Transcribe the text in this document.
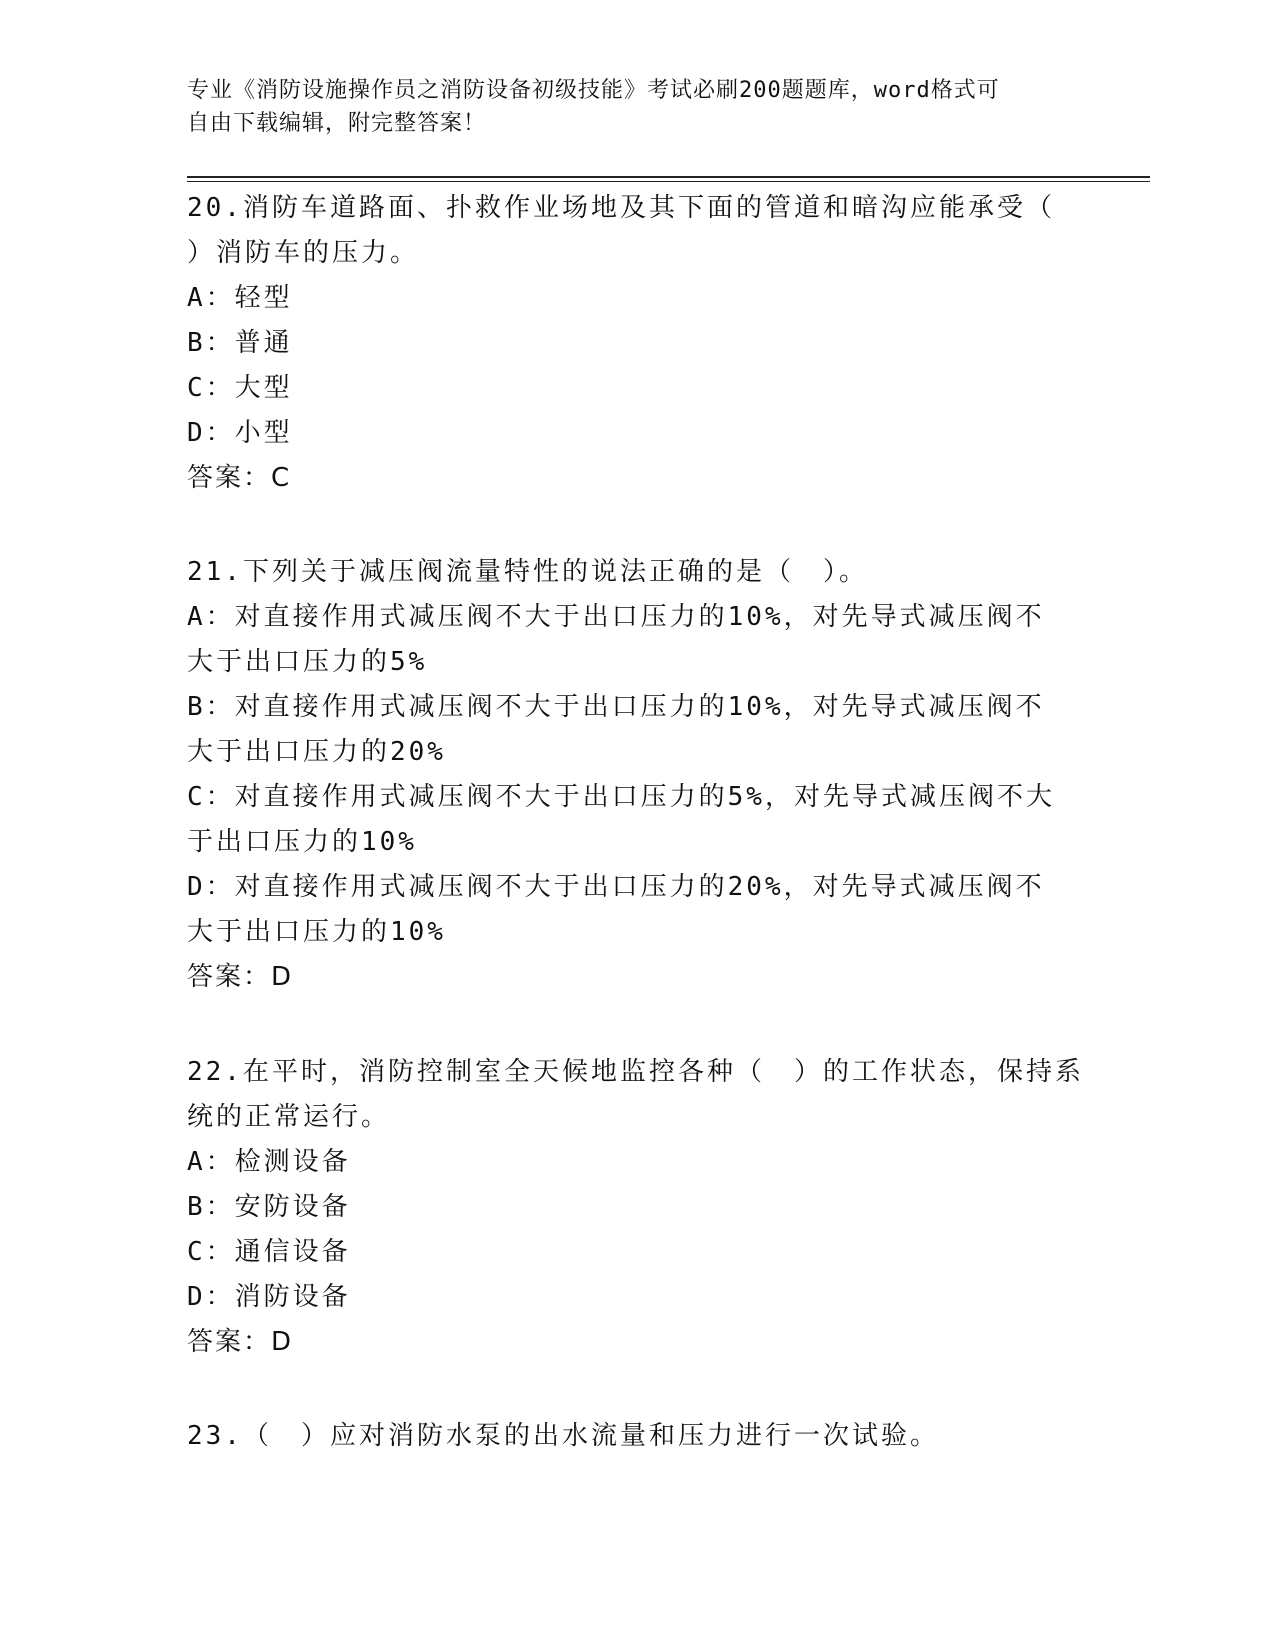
专业《消防设施操作员之消防设备初级技能》考试必刷200题题库，word格式可
自由下载编辑，附完整答案！
20.消防车道路面、扑救作业场地及其下面的管道和暗沟应能承受（
）消防车的压力。
A：轻型
B：普通
C：大型
D：小型
答案：C
21.下列关于减压阀流量特性的说法正确的是（　）。
A：对直接作用式减压阀不大于出口压力的10%，对先导式减压阀不大于出口压力的5%
B：对直接作用式减压阀不大于出口压力的10%，对先导式减压阀不大于出口压力的20%
C：对直接作用式减压阀不大于出口压力的5%，对先导式减压阀不大于出口压力的10%
D：对直接作用式减压阀不大于出口压力的20%，对先导式减压阀不大于出口压力的10%
答案：D
22.在平时，消防控制室全天候地监控各种（　）的工作状态，保持系
统的正常运行。
A：检测设备
B：安防设备
C：通信设备
D：消防设备
答案：D
23.（　）应对消防水泵的出水流量和压力进行一次试验。
